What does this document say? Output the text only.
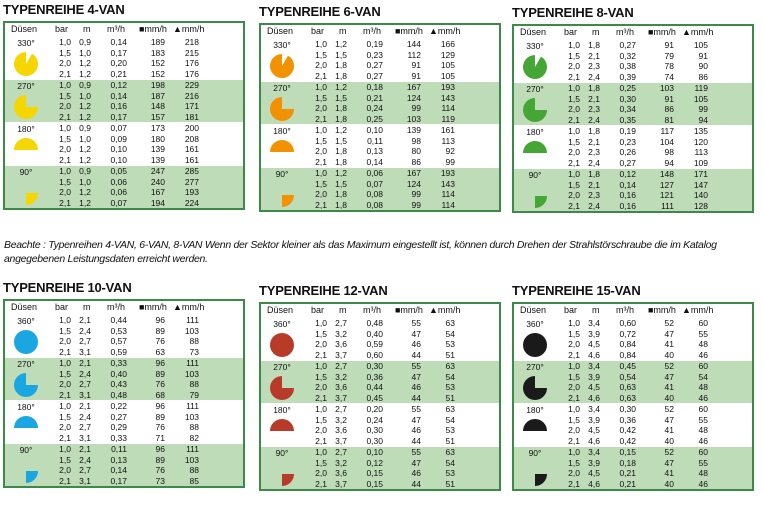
TYPENREIHE 4-VAN
Düsen	bar	m	m³/h	■mm/h ▲mm/h
330°	1,0 0,9	0,14	189	218
1,5 1,0	0,17	183	215
2,0 1,2	0,20	152	176
2,1 1,2	0,21	152	176
270°	1,0 0,9	0,12	198	229
1,5 1,0	0,14	187	216
2,0 1,2	0,16	148	171
2,1 1,2	0,17	157	181
180°	1,0 0,9	0,07	173	200
1,5 1,0	0,09	180	208
2,0 1,2	0,10	139	161
2,1 1,2	0,10	139	161
90°	1,0 0,9	0,05	247	285
1,5 1,0	0,06	240	277
2,0 1,2	0,06	167	193
2,1 1,2	0,07	194	224
TYPENREIHE 6-VAN
Düsen	bar	m	m³/h	■mm/h ▲mm/h
330°	1,0 1,2	0,19	144	166
1,5 1,5	0,23	112	129
2,0 1,8	0,27	91	105
2,1 1,8	0,27	91	105
270°	1,0 1,2	0,18	167	193
1,5 1,5	0,21	124	143
2,0 1,8	0,24	99	114
2,1 1,8	0,25	103	119
180°	1,0 1,2	0,10	139	161
1,5 1,5	0,11	98	113
2,0 1,8	0,13	80	92
2,1 1,8	0,14	86	99
90°	1,0 1,2	0,06	167	193
1,5 1,5	0,07	124	143
2,0 1,8	0,08	99	114
2,1 1,8	0,08	99	114
TYPENREIHE 8-VAN
Düsen	bar	m	m³/h	■mm/h ▲mm/h
330°	1,0 1,8	0,27	91	105
1,5 2,1	0,32	79	91
2,0 2,3	0,38	78	90
2,1 2,4	0,39	74	86
270°	1,0 1,8	0,25	103	119
1,5 2,1	0,30	91	105
2,0 2,3	0,34	86	99
2,1 2,4	0,35	81	94
180°	1,0 1,8	0,19	117	135
1,5 2,1	0,23	104	120
2,0 2,3	0,26	98	113
2,1 2,4	0,27	94	109
90°	1,0 1,8	0,12	148	171
1,5 2,1	0,14	127	147
2,0 2,3	0,16	121	140
2,1 2,4	0,16	111	128
Beachte : Typenreihen 4-VAN, 6-VAN, 8-VAN Wenn der Sektor kleiner als das Maximum eingestellt ist, können durch Drehen der Strahlstörschraube die im Katalog angegebenen Leistungsdaten erreicht werden.
TYPENREIHE 10-VAN
Düsen	bar	m	m³/h	■mm/h ▲mm/h
360°	1,0 2,1	0,44	96	111
1,5 2,4	0,53	89	103
2,0 2,7	0,57	76	88
2,1 3,1	0,59	63	73
270°	1,0 2,1	0,33	96	111
1,5 2,4	0,40	89	103
2,0 2,7	0,43	76	88
2,1 3,1	0,48	68	79
180°	1,0 2,1	0,22	96	111
1,5 2,4	0,27	89	103
2,0 2,7	0,29	76	88
2,1 3,1	0,33	71	82
90°	1,0 2,1	0,11	96	111
1,5 2,4	0,13	89	103
2,0 2,7	0,14	76	88
2,1 3,1	0,17	73	85
TYPENREIHE 12-VAN
Düsen	bar	m	m³/h	■mm/h ▲mm/h
360°	1,0 2,7	0,48	55	63
1,5 3,2	0,40	47	54
2,0 3,6	0,59	46	53
2,1 3,7	0,60	44	51
270°	1,0 2,7	0,30	55	63
1,5 3,2	0,36	47	54
2,0 3,6	0,44	46	53
2,1 3,7	0,45	44	51
180°	1,0 2,7	0,20	55	63
1,5 3,2	0,24	47	54
2,0 3,6	0,30	46	53
2,1 3,7	0,30	44	51
90°	1,0 2,7	0,10	55	63
1,5 3,2	0,12	47	54
2,0 3,6	0,15	46	53
2,1 3,7	0,15	44	51
TYPENREIHE 15-VAN
Düsen	bar	m	m³/h	■mm/h ▲mm/h
360°	1,0 3,4	0,60	52	60
1,5 3,9	0,72	47	55
2,0 4,5	0,84	41	48
2,1 4,6	0,84	40	46
270°	1,0 3,4	0,45	52	60
1,5 3,9	0,54	47	54
2,0 4,5	0,63	41	48
2,1 4,6	0,63	40	46
180°	1,0 3,4	0,30	52	60
1,5 3,9	0,36	47	55
2,0 4,5	0,42	41	48
2,1 4,6	0,42	40	46
90°	1,0 3,4	0,15	52	60
1,5 3,9	0,18	47	55
2,0 4,5	0,21	41	48
2,1 4,6	0,21	40	46
